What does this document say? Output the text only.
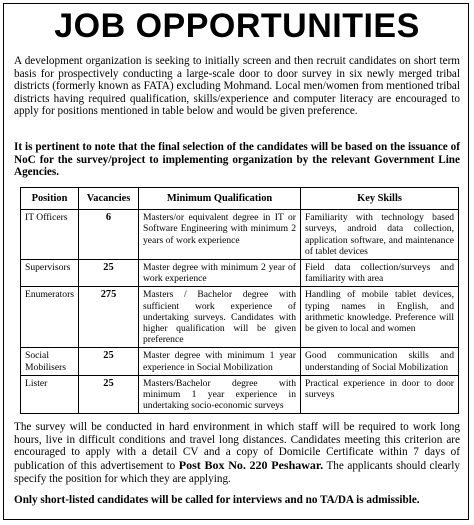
JOB OPPORTUNITIES
A development organization is seeking to initially screen and then recruit candidates on short term basis for prospectively conducting a large-scale door to door survey in six newly merged tribal districts (formerly known as FATA) excluding Mohmand. Local men/women from mentioned tribal districts having required qualification, skills/experience and computer literacy are encouraged to apply for positions mentioned in table below and would be given preference.
It is pertinent to note that the final selection of the candidates will be based on the issuance of NoC for the survey/project to implementing organization by the relevant Government Line Agencies.
Position	Vacancies	Minimum Qualification	Key Skills
IT Officers	6	Masters/or equivalent degree in IT or Software Engineering with minimum 2 years of work experience	Familiarity with technology based surveys, android data collection, application software, and maintenance of tablet devices
Supervisors	25	Master degree with minimum 2 year of work experience	Field data collection/surveys and familiarity with area
Enumerators	275	Masters / Bachelor degree with sufficient work experience of undertaking surveys. Candidates with higher qualification will be given preference	Handling of mobile tablet devices, typing names in English, and arithmetic knowledge. Preference will be given to local and women
Social Mobilisers	25	Master degree with minimum 1 year experience in Social Mobilization	Good communication skills and understanding of Social Mobilization
Lister	25	Masters/Bachelor degree with minimum 1 year experience in undertaking socio-economic surveys	Practical experience in door to door surveys
The survey will be conducted in hard environment in which staff will be required to work long hours, live in difficult conditions and travel long distances. Candidates meeting this criterion are encouraged to apply with a detail CV and a copy of Domicile Certificate within 7 days of publication of this advertisement to Post Box No. 220 Peshawar. The applicants should clearly specify the position for which they are applying.
Only short-listed candidates will be called for interviews and no TA/DA is admissible.
